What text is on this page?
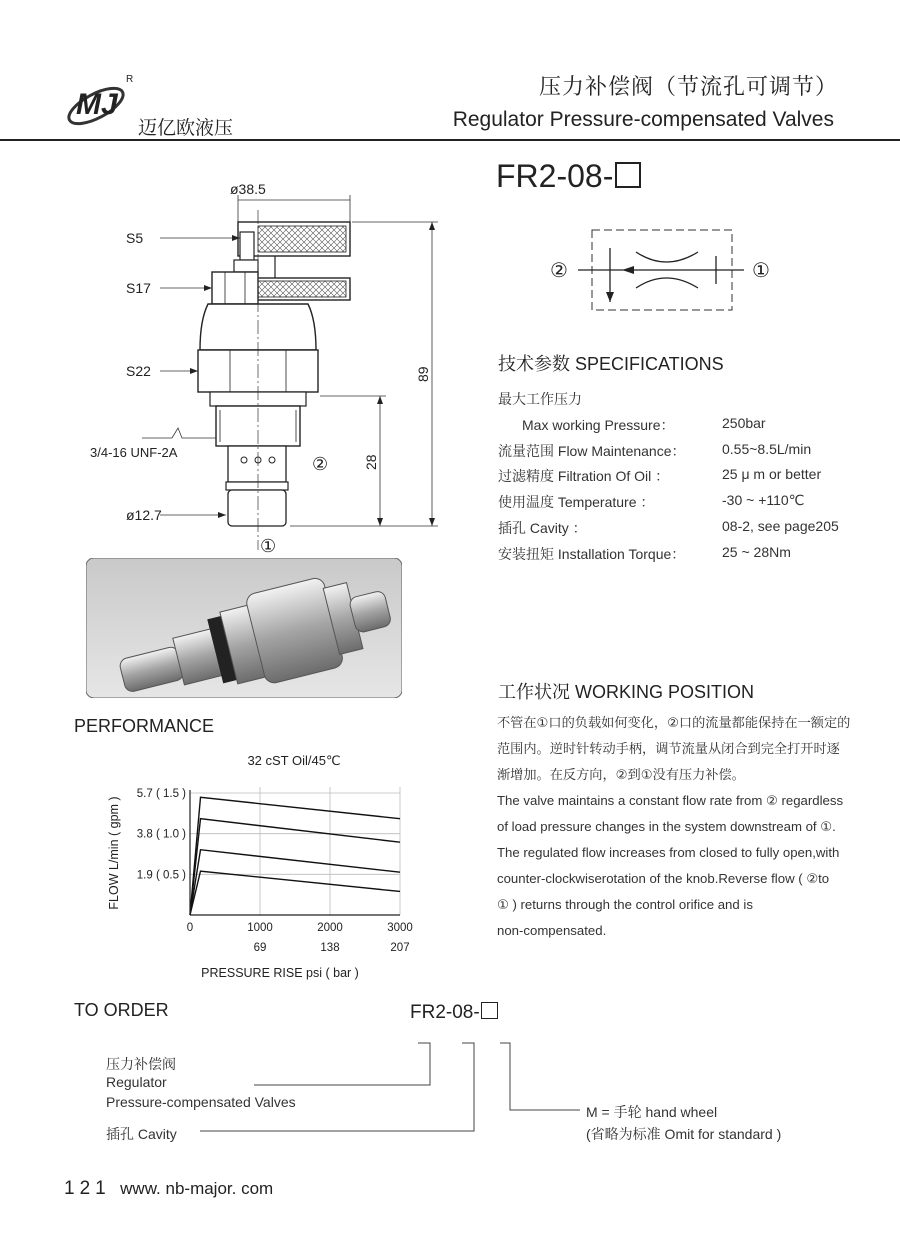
MJ
R
迈亿欧液压
压力补偿阀（节流孔可调节）
Regulator Pressure-compensated Valves
FR2-08-
ø38.5
S5
S17
S22
3/4-16 UNF-2A
ø12.7
89
28
②
①
②	①
技术参数 SPECIFICATIONS
最大工作压力
Max working Pressure：	250bar
流量范围 Flow Maintenance：	0.55~8.5L/min
过滤精度 Filtration Of Oil ：	25 μ m or better
使用温度 Temperature ：	-30 ~ +110℃
插孔 Cavity ：	08-2, see page205
安装扭矩 Installation Torque：	25 ~ 28Nm
工作状况 WORKING POSITION
不管在①口的负载如何变化，②口的流量都能保持在一额定的
范围内。逆时针转动手柄，调节流量从闭合到完全打开时逐
渐增加。在反方向，②到①没有压力补偿。
The valve maintains a constant flow rate from ② regardless
of load pressure changes in the system downstream of ①.
The regulated flow increases from closed to fully open,with
counter-clockwiserotation of the knob.Reverse flow ( ②to
① ) returns through the control orifice and is
non-compensated.
PERFORMANCE
32 cST Oil/45℃
1.9 ( 0.5 )
3.8 ( 1.0 )
5.7 ( 1.5 )
0	1000
69
2000
138
3000
207
FLOW L/min ( gpm )
PRESSURE RISE psi ( bar )
TO ORDER	FR2-08-
压力补偿阀
Regulator
Pressure-compensated Valves
插孔 Cavity
M = 手轮 hand wheel
(省略为标准 Omit for standard )
121 www. nb-major. com
